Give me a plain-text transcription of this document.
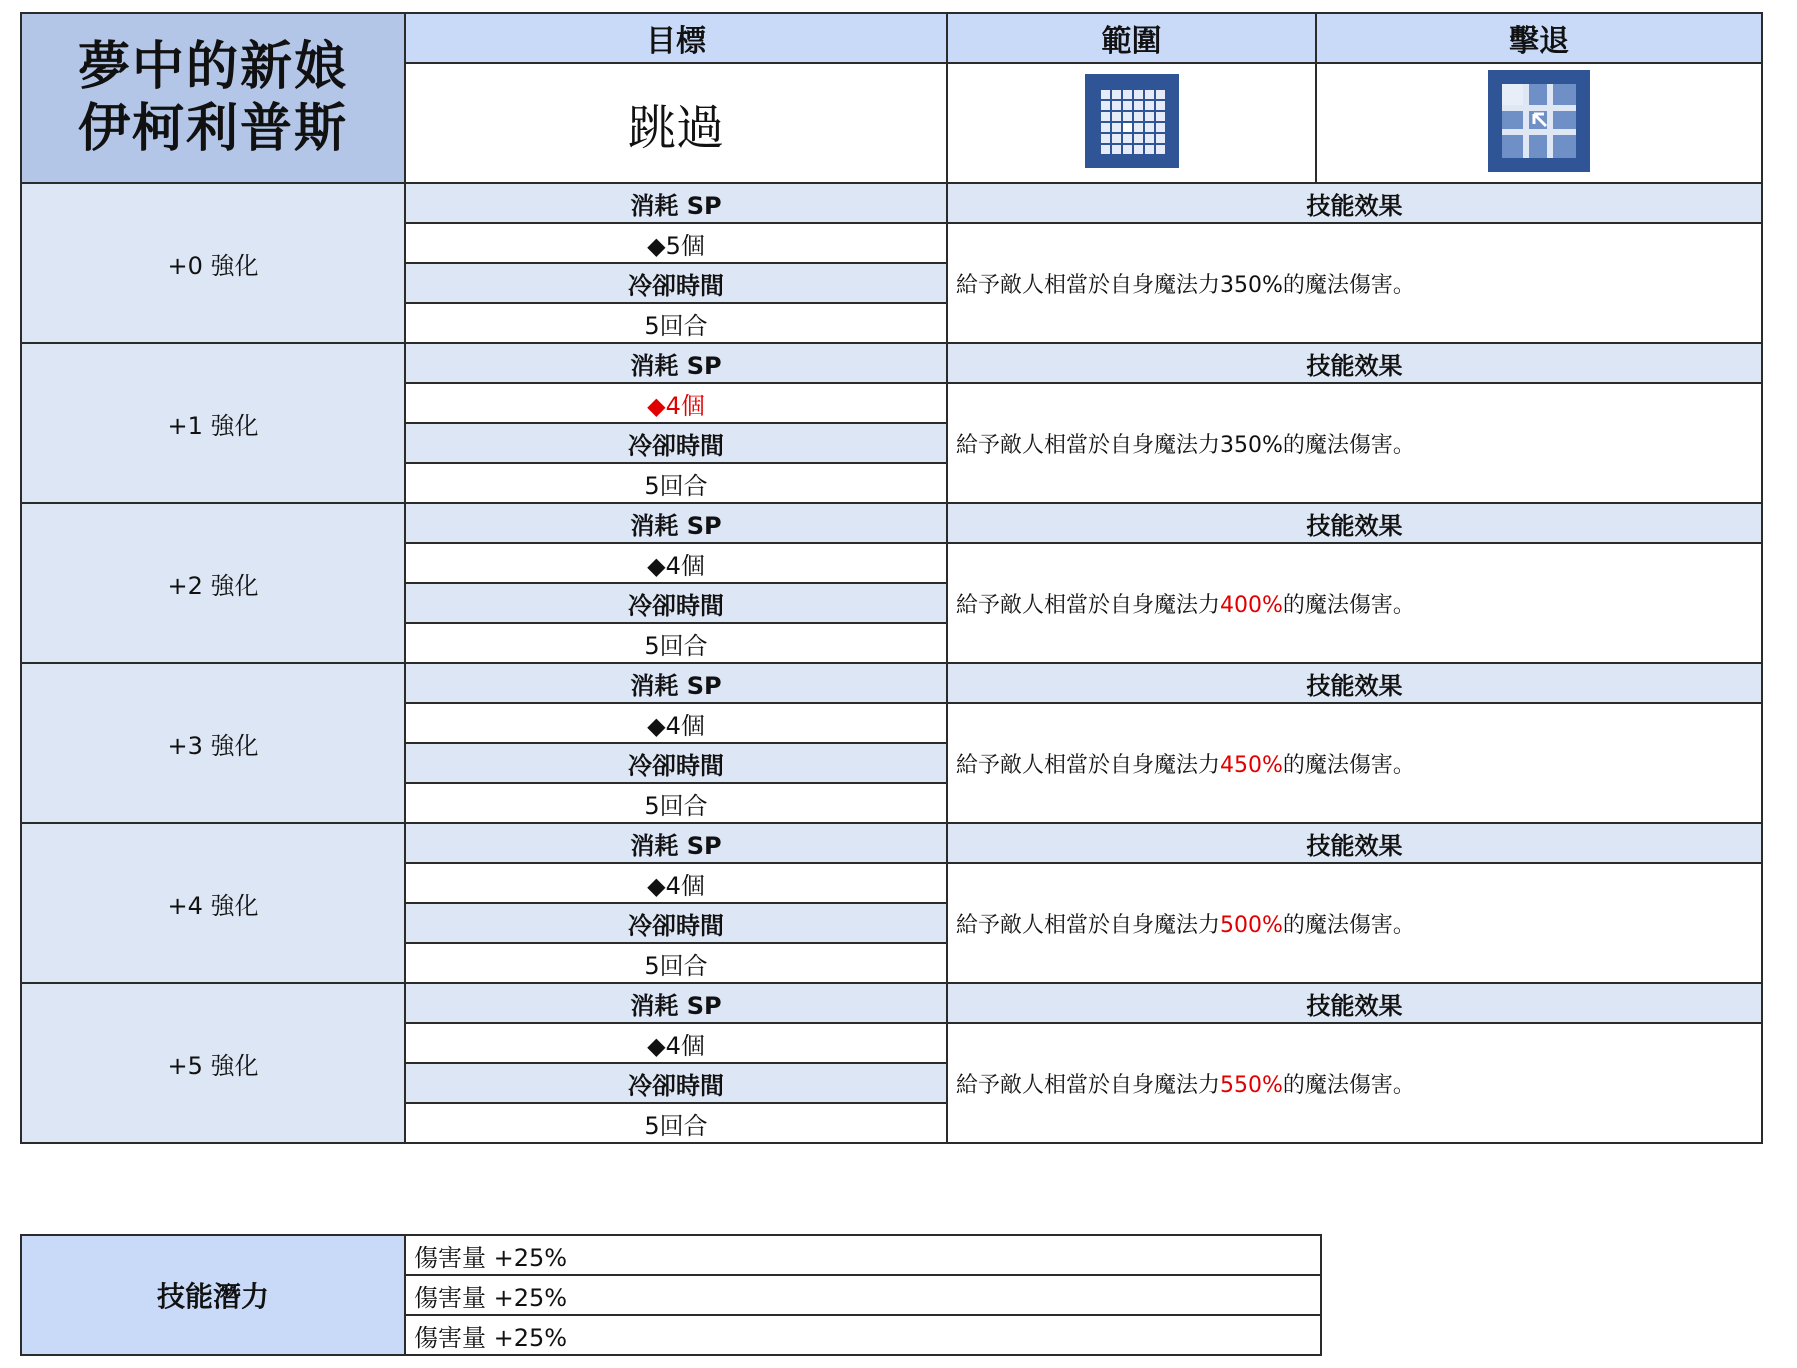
夢中的新娘
伊柯利普斯	目標	範圍	擊退
	跳過		
+0 強化	消耗 SP	技能效果	
	◆5個	給予敵人相當於自身魔法力350%的魔法傷害。	
	冷卻時間		
	5回合		
+1 強化	消耗 SP	技能效果	
	◆4個	給予敵人相當於自身魔法力350%的魔法傷害。	
	冷卻時間		
	5回合		
+2 強化	消耗 SP	技能效果	
	◆4個	給予敵人相當於自身魔法力400%的魔法傷害。	
	冷卻時間		
	5回合		
+3 強化	消耗 SP	技能效果	
	◆4個	給予敵人相當於自身魔法力450%的魔法傷害。	
	冷卻時間		
	5回合		
+4 強化	消耗 SP	技能效果	
	◆4個	給予敵人相當於自身魔法力500%的魔法傷害。	
	冷卻時間		
	5回合		
+5 強化	消耗 SP	技能效果	
	◆4個	給予敵人相當於自身魔法力550%的魔法傷害。	
	冷卻時間		
	5回合		
技能潛力	傷害量 +25%
傷害量 +25%
傷害量 +25%
